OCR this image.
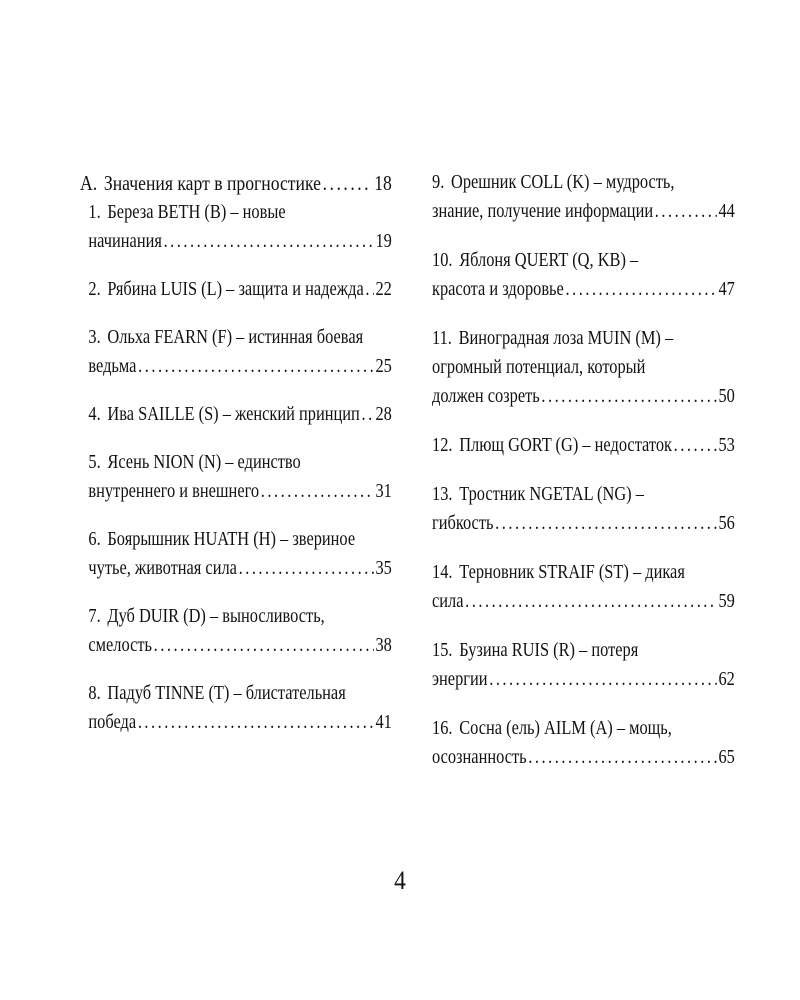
А. Значения карт в прогностике .....	18
1. Береза BETH (B) – новые
начинания .....	19
2. Рябина LUIS (L) – защита и надежда ..... 22
3. Ольха FEARN (F) – истинная боевая
ведьма .....	25
4. Ива SAILLE (S) – женский принцип ..... 28
5. Ясень NION (N) – единство
внутреннего и внешнего .....	31
6. Боярышник HUATH (H) – звериное
чутье, животная сила .....	35
7. Дуб DUIR (D) – выносливость,
смелость .....	38
8. Падуб TINNE (T) – блистательная
победа .....	41
9. Орешник COLL (K) – мудрость,
знание, получение информации .....	44
10. Яблоня QUERT (Q, KB) –
красота и здоровье .....	47
11. Виноградная лоза MUIN (M) –
огромный потенциал, который
должен созреть .....	50
12. Плющ GORT (G) – недостаток ..... 53
13. Тростник NGETAL (NG) –
гибкость .....	56
14. Терновник STRAIF (ST) – дикая
сила .....	59
15. Бузина RUIS (R) – потеря
энергии .....	62
16. Сосна (ель) AILM (A) – мощь,
осознанность .....	65
4
